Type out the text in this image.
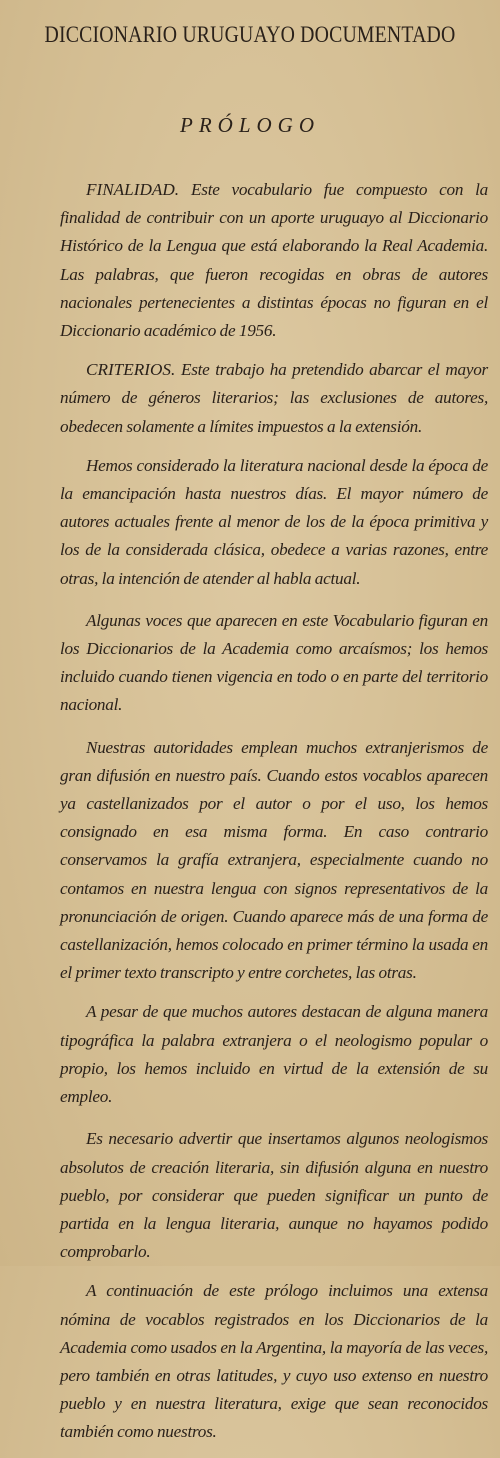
DICCIONARIO URUGUAYO DOCUMENTADO
PRÓLOGO

FINALIDAD. Este vocabulario fue compuesto con la finalidad de contribuir con un aporte uruguayo al Diccionario Histórico de la Lengua que está elaborando la Real Academia. Las palabras, que fueron recogidas en obras de autores nacionales pertenecientes a distintas épocas no figuran en el Diccionario académico de 1956.

CRITERIOS. Este trabajo ha pretendido abarcar el mayor número de géneros literarios; las exclusiones de autores, obedecen solamente a límites impuestos a la extensión.

Hemos considerado la literatura nacional desde la época de la emancipación hasta nuestros días. El mayor número de autores actuales frente al menor de los de la época primitiva y los de la considerada clásica, obedece a varias razones, entre otras, la intención de atender al habla actual.

Algunas voces que aparecen en este Vocabulario figuran en los Diccionarios de la Academia como arcaísmos; los hemos incluido cuando tienen vigencia en todo o en parte del territorio nacional.

Nuestras autoridades emplean muchos extranjerismos de gran difusión en nuestro país. Cuando estos vocablos aparecen ya castellanizados por el autor o por el uso, los hemos consignado en esa misma forma. En caso contrario conservamos la grafía extranjera, especialmente cuando no contamos en nuestra lengua con signos representativos de la pronunciación de origen. Cuando aparece más de una forma de castellanización, hemos colocado en primer término la usada en el primer texto transcripto y entre corchetes, las otras.

A pesar de que muchos autores destacan de alguna manera tipográfica la palabra extranjera o el neologismo popular o propio, los hemos incluido en virtud de la extensión de su empleo.

Es necesario advertir que insertamos algunos neologismos absolutos de creación literaria, sin difusión alguna en nuestro pueblo, por considerar que pueden significar un punto de partida en la lengua literaria, aunque no hayamos podido comprobarlo.

A continuación de este prólogo incluimos una extensa nómina de vocablos registrados en los Diccionarios de la Academia como usados en la Argentina, la mayoría de las veces, pero también en otras latitudes, y cuyo uso extenso en nuestro pueblo y en nuestra literatura, exige que sean reconocidos también como nuestros.
